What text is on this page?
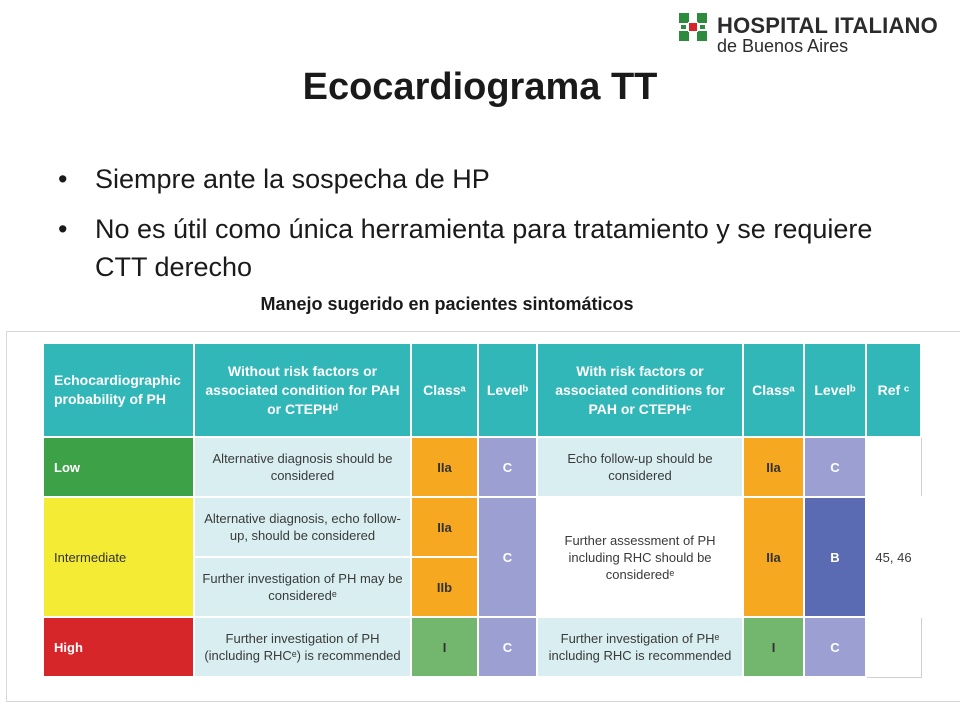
HOSPITAL ITALIANO
de Buenos Aires
Ecocardiograma TT
• Siempre ante la sospecha de HP
• No es útil como única herramienta para tratamiento y se requiere CTT derecho
Manejo sugerido en pacientes sintomáticos
Echocardiographic probability of PH	Without risk factors or associated condition for PAH or CTEPHᵈ	Classᵃ	Levelᵇ	With risk factors or associated conditions for PAH or CTEPHᶜ	Classᵃ	Levelᵇ	Ref ᶜ
Low	Alternative diagnosis should be considered	IIa	C	Echo follow-up should be considered	IIa	C	
Intermediate	Alternative diagnosis, echo follow-up, should be considered	IIa	C	Further assessment of PH including RHC should be consideredᵉ	IIa	B	45, 46
	Further investigation of PH may be consideredᵉ	IIb					
High	Further investigation of PH (including RHCᵉ) is recommended	I	C	Further investigation of PHᵉ including RHC is recommended	I	C	
